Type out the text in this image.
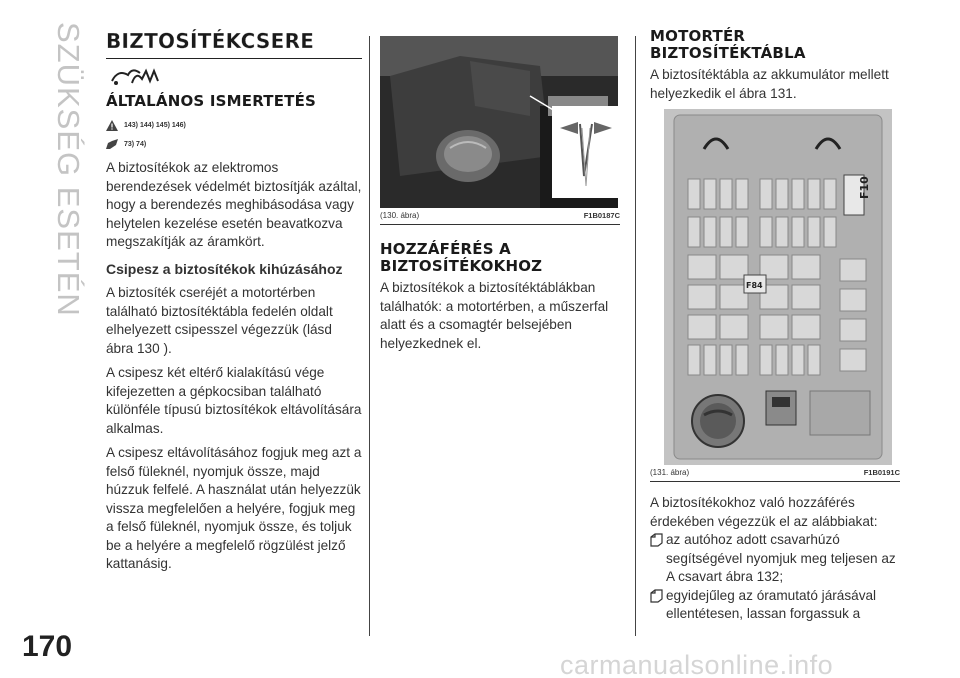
SZÜKSÉG ESETÉN
170
carmanualsonline.info
BIZTOSÍTÉKCSERE
ÁLTALÁNOS ISMERTETÉS
143) 144) 145) 146)
73) 74)
A biztosítékok az elektromos berendezések védelmét biztosítják azáltal, hogy a berendezés meghibásodása vagy helytelen kezelése esetén beavatkozva megszakítják az áramkört.
Csipesz a biztosítékok kihúzásához
A biztosíték cseréjét a motortérben található biztosítéktábla fedelén oldalt elhelyezett csipesszel végezzük (lásd ábra 130 ).
A csipesz két eltérő kialakítású vége kifejezetten a gépkocsiban található különféle típusú biztosítékok eltávolítására alkalmas.
A csipesz eltávolításához fogjuk meg azt a felső füleknél, nyomjuk össze, majd húzzuk felfelé. A használat után helyezzük vissza megfelelően a helyére, fogjuk meg a felső füleknél, nyomjuk össze, és toljuk be a helyére a megfelelő rögzülést jelző kattanásig.
(130. ábra)	F1B0187C
HOZZÁFÉRÉS A BIZTOSÍTÉKOKHOZ
A biztosítékok a biztosítéktáblákban találhatók: a motortérben, a műszerfal alatt és a csomagtér belsejében helyezkednek el.
MOTORTÉR BIZTOSÍTÉKTÁBLA
A biztosítéktábla az akkumulátor mellett helyezkedik el ábra 131.
F10
F84
(131. ábra)	F1B0191C
A biztosítékokhoz való hozzáférés érdekében végezzük el az alábbiakat:
az autóhoz adott csavarhúzó segítségével nyomjuk meg teljesen az A csavart ábra 132;
egyidejűleg az óramutató járásával ellentétesen, lassan forgassuk a
